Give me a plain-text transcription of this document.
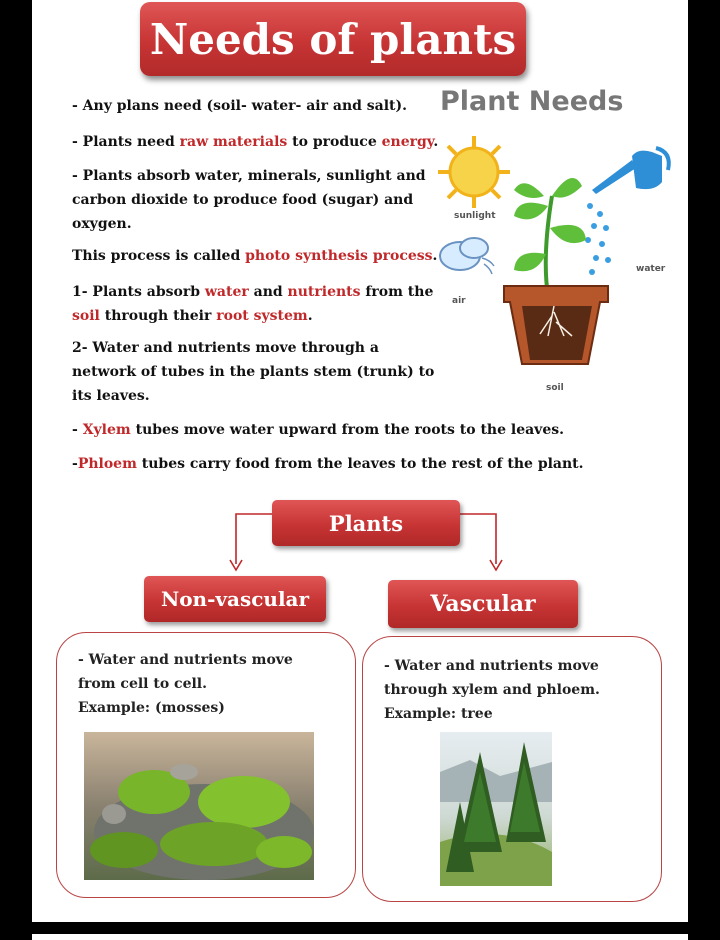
Needs of plants
- Any plans need (soil- water- air and salt).
- Plants need raw materials to produce energy.
- Plants absorb water, minerals, sunlight and
carbon dioxide to produce food (sugar) and
oxygen.
This process is called photo synthesis process.
1- Plants absorb water and nutrients from the
soil through their root system.
2- Water and nutrients move through a
network of tubes in the plants stem (trunk) to
its leaves.
- Xylem tubes move water upward from the roots to the leaves.
-Phloem tubes carry food from the leaves to the rest of the plant.
Plant Needs
sunlight
air
water
soil
Plants
Non-vascular	Vascular
- Water and nutrients move
from cell to cell.
Example: (mosses)
- Water and nutrients move
through xylem and phloem.
Example: tree
